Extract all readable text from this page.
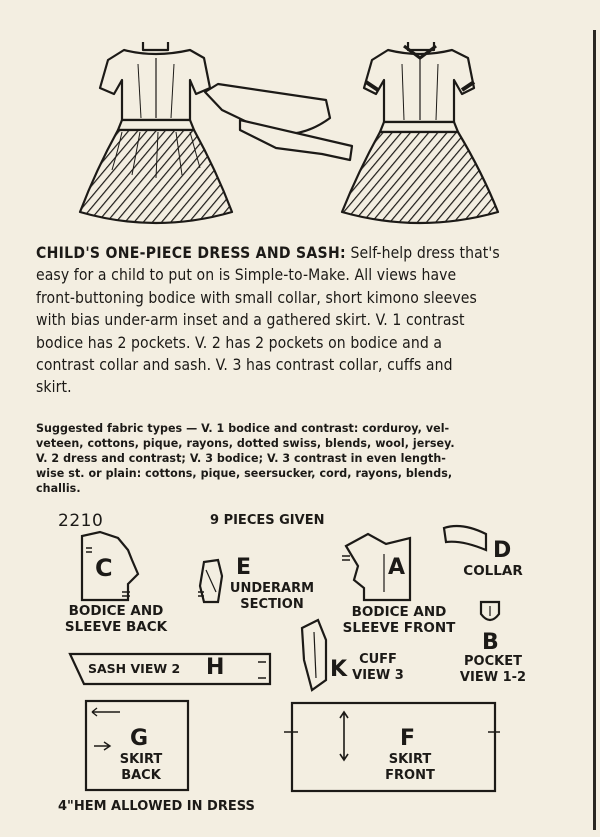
CHILD'S ONE-PIECE DRESS AND SASH: Self-help dress that's
easy for a child to put on is Simple-to-Make. All views have
front-buttoning bodice with small collar, short kimono sleeves
with bias under-arm inset and a gathered skirt. V. 1 contrast
bodice has 2 pockets. V. 2 has 2 pockets on bodice and a
contrast collar and sash. V. 3 has contrast collar, cuffs and
skirt.
Suggested fabric types — V. 1 bodice and contrast: corduroy, vel-
veteen, cottons, pique, rayons, dotted swiss, blends, wool, jersey.
V. 2 dress and contrast; V. 3 bodice; V. 3 contrast in even length-
wise st. or plain: cottons, pique, seersucker, cord, rayons, blends,
challis.
2210	9 PIECES GIVEN
C
BODICE AND
SLEEVE BACK
E
UNDERARM
SECTION
A
BODICE AND
SLEEVE FRONT
D
COLLAR
SASH VIEW 2	H	K CUFF
VIEW 3
B
POCKET
VIEW 1-2
G
SKIRT
BACK
F
SKIRT
FRONT
4"HEM ALLOWED IN DRESS
